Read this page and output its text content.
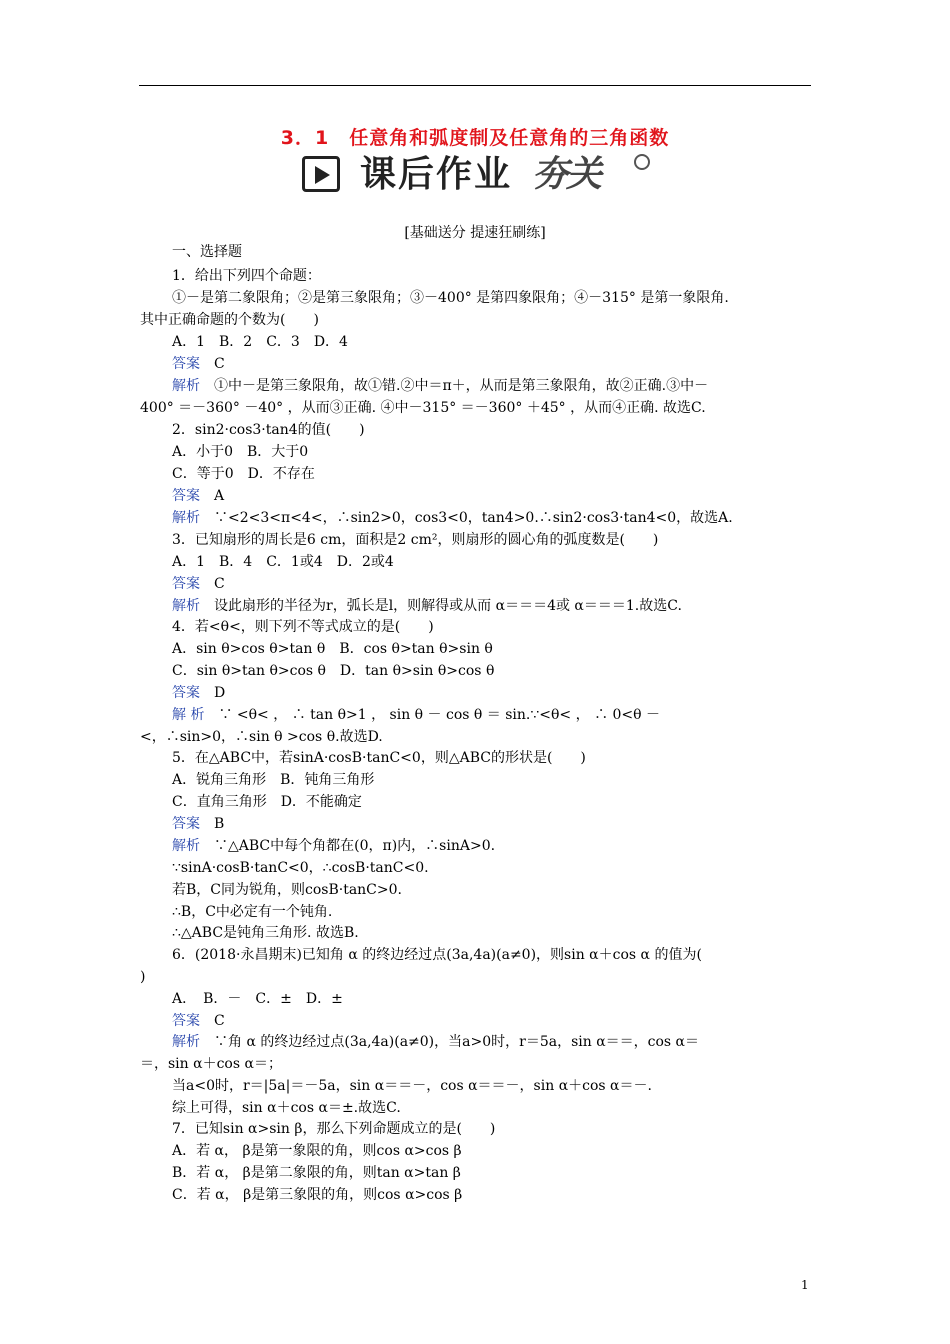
3．1　任意角和弧度制及任意角的三角函数
课后作业 夯关
[基础送分 提速狂刷练]
一、选择题
1．给出下列四个命题：
①－是第二象限角；②是第三象限角；③－400° 是第四象限角；④－315° 是第一象限角.
其中正确命题的个数为(　　)
A．1　B．2　C．3　D．4
答案　 C
解析　 ①中－是第三象限角，故①错.②中＝π＋，从而是第三象限角，故②正确.③中－
400° ＝－360° －40° ，从而③正确. ④中－315° ＝－360° ＋45° ，从而④正确. 故选C.
2．sin2·cos3·tan4的值(　　)
A．小于0　B．大于0
C．等于0　D．不存在
答案　 A
解析　 ∵<2<3<π<4<，∴sin2>0，cos3<0，tan4>0.∴sin2·cos3·tan4<0，故选A.
3．已知扇形的周长是6 cm，面积是2 cm²，则扇形的圆心角的弧度数是(　　)
A．1　B．4　C．1或4　D．2或4
答案　 C
解析　 设此扇形的半径为r，弧长是l，则解得或从而 α＝＝＝4或 α＝＝＝1.故选C.
4．若<θ<，则下列不等式成立的是(　　)
A．sin θ>cos θ>tan θ　B．cos θ>tan θ>sin θ
C．sin θ>tan θ>cos θ　D．tan θ>sin θ>cos θ
答案　 D
解 析　 ∵ <θ< ， ∴ tan θ>1 ， sin θ － cos θ ＝ sin.∵<θ< ， ∴ 0<θ －
<，∴sin>0，∴sin θ >cos θ.故选D.
5．在△ABC中，若sinA·cosB·tanC<0，则△ABC的形状是(　　)
A．锐角三角形　B．钝角三角形
C．直角三角形　D．不能确定
答案　 B
解析　 ∵△ABC中每个角都在(0，π)内，∴sinA>0.
∵sinA·cosB·tanC<0，∴cosB·tanC<0.
若B，C同为锐角，则cosB·tanC>0.
∴B，C中必定有一个钝角.
∴△ABC是钝角三角形. 故选B.
6．(2018·永昌期末)已知角 α 的终边经过点(3a,4a)(a≠0)，则sin α＋cos α 的值为(
)
A．　B．－　C．±　D．±
答案　 C
解析　 ∵角 α 的终边经过点(3a,4a)(a≠0)，当a>0时，r＝5a，sin α＝＝，cos α＝
＝，sin α＋cos α＝；
当a<0时，r＝|5a|＝－5a，sin α＝＝－，cos α＝＝－，sin α＋cos α＝－.
综上可得，sin α＋cos α＝±.故选C.
7．已知sin α>sin β，那么下列命题成立的是(　　)
A．若 α， β是第一象限的角，则cos α>cos β
B．若 α， β是第二象限的角，则tan α>tan β
C．若 α， β是第三象限的角，则cos α>cos β
1
